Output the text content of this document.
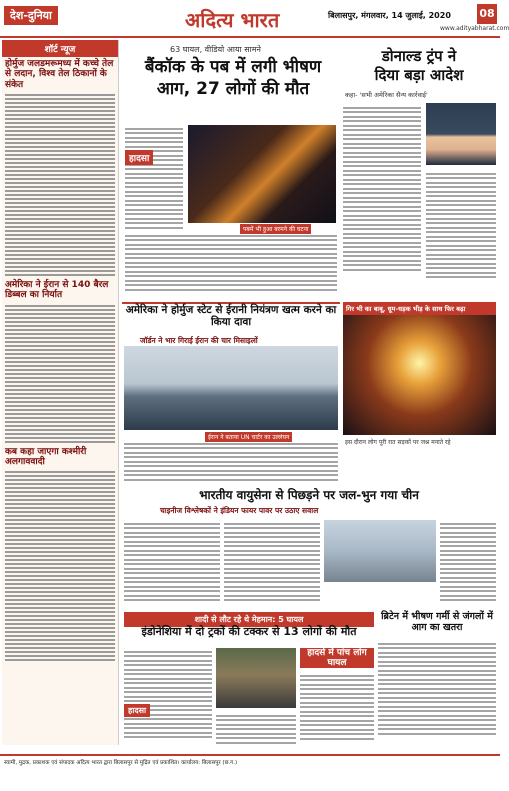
देश-दुनिया	अदित्य भारत	बिलासपुर, मंगलवार, 14 जुलाई, 2020	08
www.adityabharat.com
शॉर्ट न्यूज
होर्मुज जलडमरूमध्य में कच्चे तेल से लदान, विश्व तेल ठिकानों के संकेत
अमेरिका ने ईरान से 140 बैरल डिब्बल का निर्यात
कब कहा जाएगा कश्मीरी अलगाववादी
63 घायल, वीडियो आया सामने
बैंकॉक के पब में लगी भीषण
आग, 27 लोगों की मौत
हादसा
पबमें भी हुआ बरमने की घटना
डोनाल्ड ट्रंप ने
दिया बड़ा आदेश
कहा- 'सभी अमेरिका सैन्य कार्रवाई'
अमेरिका ने होर्मुज स्टेट से ईरानी नियंत्रण खत्म करने का किया दावा
जॉर्डन ने भार गिराई ईरान की चार मिसाइलों
ईरान ने बताया UN चार्टर का उल्लंघन
गिर भी का बाबू, धूम-धड़क भीड़ के साथ फिर बढ़ा
इस दौरान लोग पूरी रात सड़कों पर जश्न मनाते रहे
भारतीय वायुसेना से पिछड़ने पर जल-भुन गया चीन
चाइनीज विश्लेषकों ने इंडियन फायर पावर पर उठाए सवाल
शादी से लौट रहे थे मेहमान: 5 घायल
इंडोनेशिया में दो ट्रकों की टक्कर से 13 लोगों की मौत
हादसा
हादसे में पांच लोग घायल
ब्रिटेन में भीषण गर्मी से जंगलों में आग का खतरा
स्वामी, मुद्रक, प्रकाशक एवं संपादक अदित्य भारत द्वारा बिलासपुर से मुद्रित एवं प्रकाशित। कार्यालय: बिलासपुर (छ.ग.)
